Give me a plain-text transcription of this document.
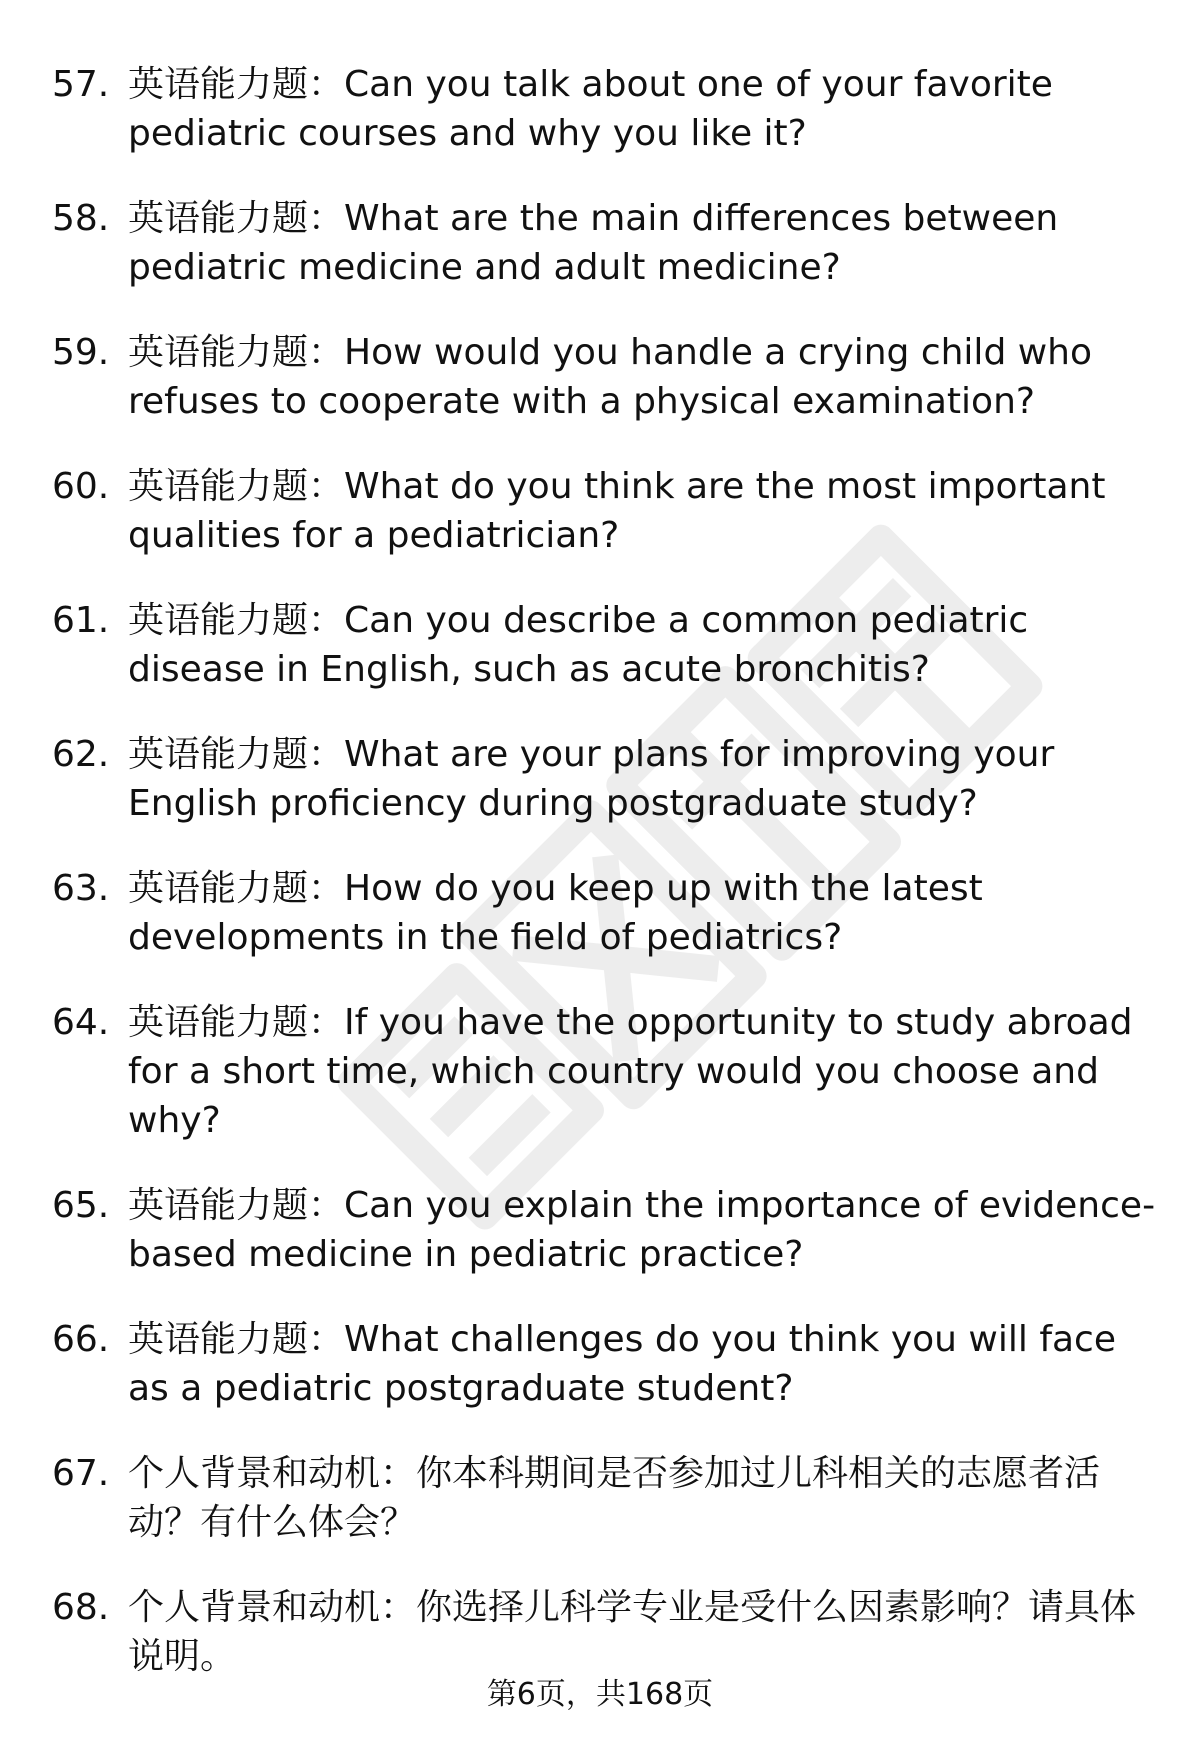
57. 英语能力题：Can you talk about one of your favorite pediatric courses and why you like it?
58. 英语能力题：What are the main differences between pediatric medicine and adult medicine?
59. 英语能力题：How would you handle a crying child who refuses to cooperate with a physical examination?
60. 英语能力题：What do you think are the most important qualities for a pediatrician?
61. 英语能力题：Can you describe a common pediatric disease in English, such as acute bronchitis?
62. 英语能力题：What are your plans for improving your English proficiency during postgraduate study?
63. 英语能力题：How do you keep up with the latest developments in the field of pediatrics?
64. 英语能力题：If you have the opportunity to study abroad for a short time, which country would you choose and why?
65. 英语能力题：Can you explain the importance of evidence-based medicine in pediatric practice?
66. 英语能力题：What challenges do you think you will face as a pediatric postgraduate student?
67. 个人背景和动机：你本科期间是否参加过儿科相关的志愿者活动？有什么体会？
68. 个人背景和动机：你选择儿科学专业是受什么因素影响？请具体说明。
第6页，共168页
